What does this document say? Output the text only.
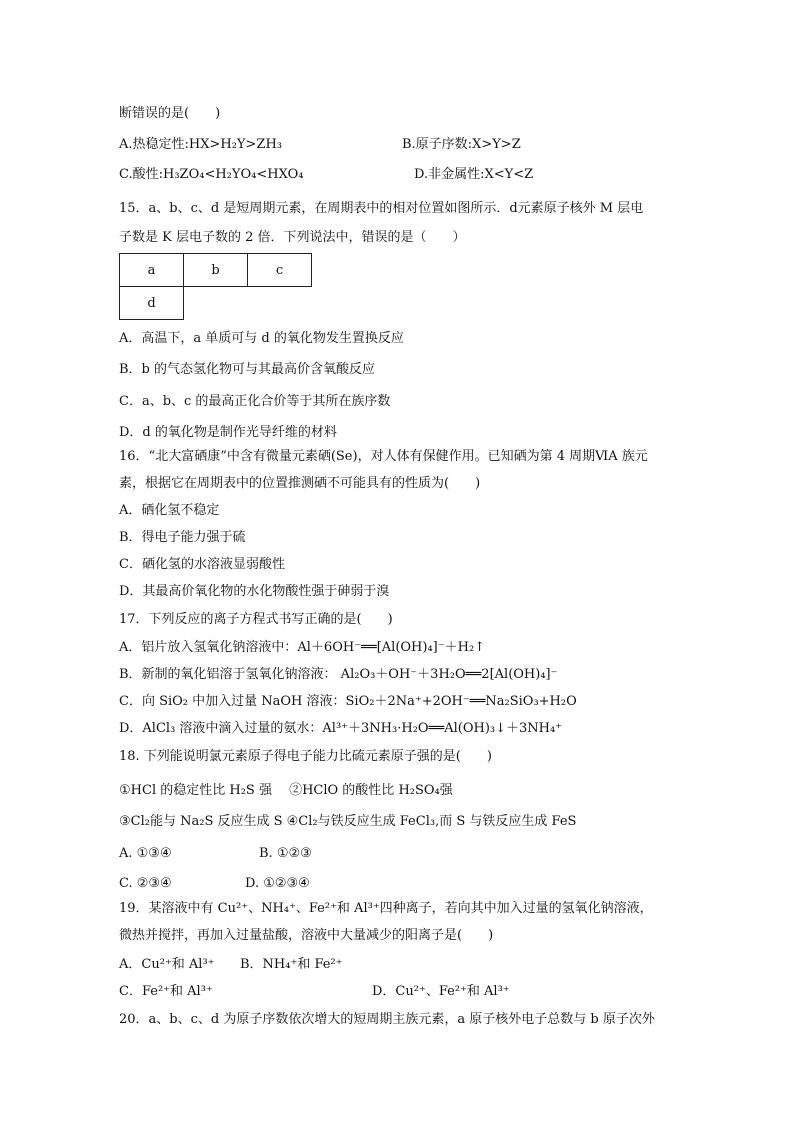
断错误的是(　　)
A.热稳定性:HX>H₂Y>ZH₃	B.原子序数:X>Y>Z
C.酸性:H₃ZO₄<H₂YO₄<HXO₄	D.非金属性:X<Y<Z
15．a、b、c、d 是短周期元素，在周期表中的相对位置如图所示．d元素原子核外 M 层电
子数是 K 层电子数的 2 倍．下列说法中，错误的是（　　）
a	b	c
d		
A．高温下，a 单质可与 d 的氧化物发生置换反应
B．b 的气态氢化物可与其最高价含氧酸反应
C．a、b、c 的最高正化合价等于其所在族序数
D．d 的氧化物是制作光导纤维的材料
16．“北大富硒康”中含有微量元素硒(Se)，对人体有保健作用。已知硒为第 4 周期ⅥA 族元
素，根据它在周期表中的位置推测硒不可能具有的性质为(　　)
A．硒化氢不稳定
B．得电子能力强于硫
C．硒化氢的水溶液显弱酸性
D．其最高价氧化物的水化物酸性强于砷弱于溴
17．下列反应的离子方程式书写正确的是(　　)
A．铝片放入氢氧化钠溶液中：Al＋6OH⁻══[Al(OH)₄]⁻＋H₂↑
B．新制的氧化铝溶于氢氧化钠溶液： Al₂O₃＋OH⁻＋3H₂O══2[Al(OH)₄]⁻
C．向 SiO₂ 中加入过量 NaOH 溶液：SiO₂＋2Na⁺+2OH⁻══Na₂SiO₃+H₂O
D．AlCl₃ 溶液中滴入过量的氨水：Al³⁺＋3NH₃·H₂O══Al(OH)₃↓＋3NH₄⁺
18. 下列能说明氯元素原子得电子能力比硫元素原子强的是(　　)
①HCl 的稳定性比 H₂S 强　 ②HClO 的酸性比 H₂SO₄强
③Cl₂能与 Na₂S 反应生成 S ④Cl₂与铁反应生成 FeCl₃,而 S 与铁反应生成 FeS
A. ①③④	B. ①②③
C. ②③④	D. ①②③④
19．某溶液中有 Cu²⁺、NH₄⁺、Fe²⁺和 Al³⁺四种离子，若向其中加入过量的氢氧化钠溶液，
微热并搅拌，再加入过量盐酸，溶液中大量减少的阳离子是(　　)
A．Cu²⁺和 Al³⁺ B．NH₄⁺和 Fe²⁺
C．Fe²⁺和 Al³⁺	D．Cu²⁺、Fe²⁺和 Al³⁺
20．a、b、c、d 为原子序数依次增大的短周期主族元素，a 原子核外电子总数与 b 原子次外
